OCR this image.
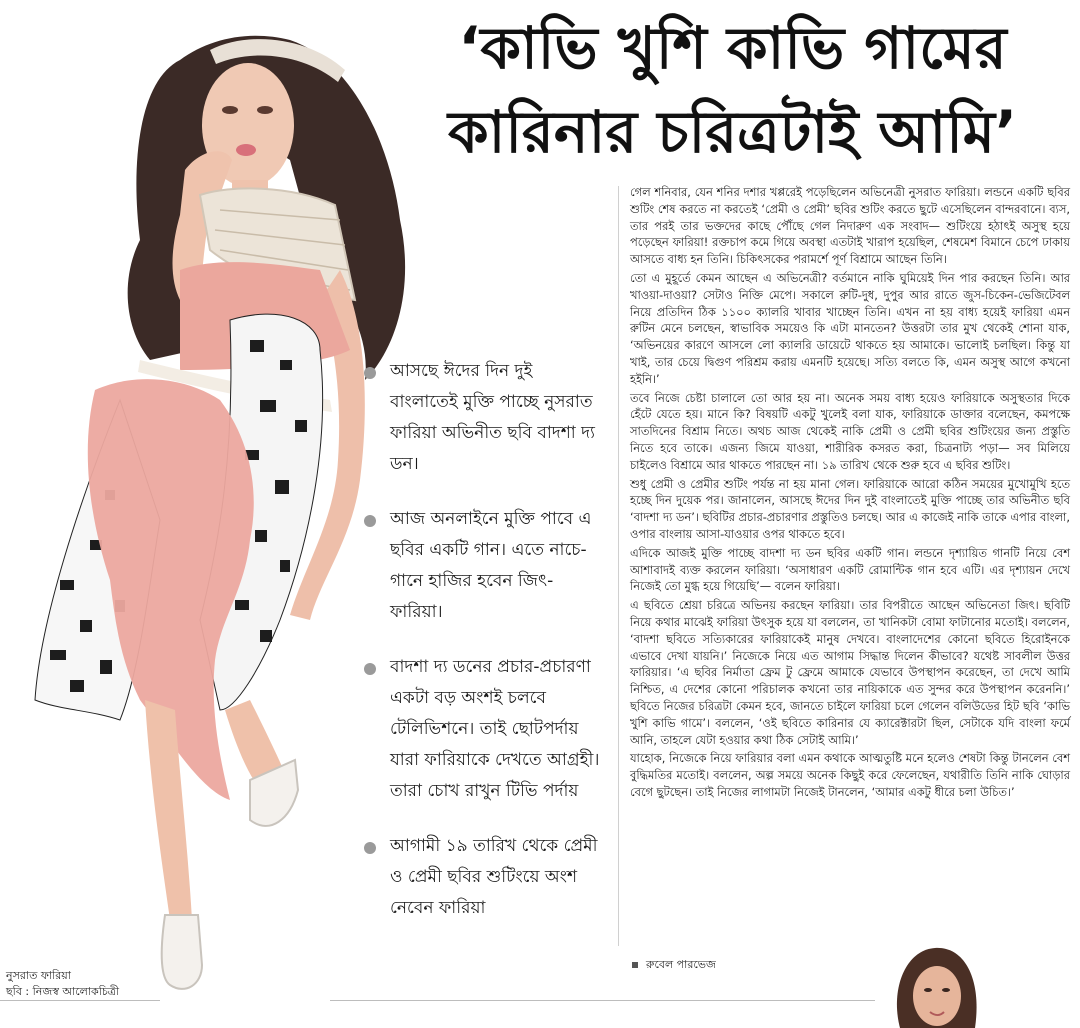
‘কাভি খুশি কাভি গামের
কারিনার চরিত্রটাই আমি’
নুসরাত ফারিয়া
ছবি : নিজস্ব আলোকচিত্রী
আসছে ঈদের দিন দুই বাংলাতেই মুক্তি পাচ্ছে নুসরাত ফারিয়া অভিনীত ছবি বাদশা দ্য ডন।
আজ অনলাইনে মুক্তি পাবে এ ছবির একটি গান। এতে নাচে-গানে হাজির হবেন জিৎ-ফারিয়া।
বাদশা দ্য ডনের প্রচার-প্রচারণা একটা বড় অংশই চলবে টেলিভিশনে। তাই ছোটপর্দায় যারা ফারিয়াকে দেখতে আগ্রহী। তারা চোখ রাখুন টিভি পর্দায়
আগামী ১৯ তারিখ থেকে প্রেমী ও প্রেমী ছবির শুটিংয়ে অংশ নেবেন ফারিয়া

গেল শনিবার, যেন শনির দশার খপ্পরেই পড়েছিলেন অভিনেত্রী নুসরাত ফারিয়া। লন্ডনে একটি ছবির শুটিং শেষ করতে না করতেই ‘প্রেমী ও প্রেমী’ ছবির শুটিং করতে ছুটে এসেছিলেন বান্দরবানে। ব্যস, তার পরই তার ভক্তদের কাছে পৌঁছে গেল নিদারুণ এক সংবাদ— শুটিংয়ে হঠাৎই অসুস্থ হয়ে পড়েছেন ফারিয়া! রক্তচাপ কমে গিয়ে অবস্থা এতটাই খারাপ হয়েছিল, শেষমেশ বিমানে চেপে ঢাকায় আসতে বাধ্য হন তিনি। চিকিৎসকের পরামর্শে পূর্ণ বিশ্রামে আছেন তিনি।

তো এ মুহূর্তে কেমন আছেন এ অভিনেত্রী? বর্তমানে নাকি ঘুমিয়েই দিন পার করছেন তিনি। আর খাওয়া-দাওয়া? সেটাও নিক্তি মেপে। সকালে রুটি-দুধ, দুপুর আর রাতে জুস-চিকেন-ভেজিটেবল নিয়ে প্রতিদিন ঠিক ১১০০ ক্যালরি খাবার খাচ্ছেন তিনি। এখন না হয় বাধ্য হয়েই ফারিয়া এমন রুটিন মেনে চলছেন, স্বাভাবিক সময়েও কি এটা মানতেন? উত্তরটা তার মুখ থেকেই শোনা যাক, ‘অভিনয়ের কারণে আসলে লো ক্যালরি ডায়েটে থাকতে হয় আমাকে। ভালোই চলছিল। কিন্তু যা খাই, তার চেয়ে দ্বিগুণ পরিশ্রম করায় এমনটি হয়েছে। সত্যি বলতে কি, এমন অসুস্থ আগে কখনো হইনি।’

তবে নিজে চেষ্টা চালালে তো আর হয় না। অনেক সময় বাধ্য হয়েও ফারিয়াকে অসুস্থতার দিকে হেঁটে যেতে হয়। মানে কি? বিষয়টি একটু খুলেই বলা যাক, ফারিয়াকে ডাক্তার বলেছেন, কমপক্ষে সাতদিনের বিশ্রাম নিতে। অথচ আজ থেকেই নাকি প্রেমী ও প্রেমী ছবির শুটিংয়ের জন্য প্রস্তুতি নিতে হবে তাকে। এজন্য জিমে যাওয়া, শারীরিক কসরত করা, চিত্রনাট্য পড়া— সব মিলিয়ে চাইলেও বিশ্রামে আর থাকতে পারছেন না। ১৯ তারিখ থেকে শুরু হবে এ ছবির শুটিং।

শুধু প্রেমী ও প্রেমীর শুটিং পর্যন্ত না হয় মানা গেল। ফারিয়াকে আরো কঠিন সময়ের মুখোমুখি হতে হচ্ছে দিন দুয়েক পর। জানালেন, আসছে ঈদের দিন দুই বাংলাতেই মুক্তি পাচ্ছে তার অভিনীত ছবি ‘বাদশা দ্য ডন’। ছবিটির প্রচার-প্রচারণার প্রস্তুতিও চলছে। আর এ কাজেই নাকি তাকে এপার বাংলা, ওপার বাংলায় আসা-যাওয়ার ওপর থাকতে হবে।

এদিকে আজই মুক্তি পাচ্ছে বাদশা দ্য ডন ছবির একটি গান। লন্ডনে দৃশ্যায়িত গানটি নিয়ে বেশ আশাবাদই ব্যক্ত করলেন ফারিয়া। ‘অসাধারণ একটি রোমান্টিক গান হবে এটি। এর দৃশ্যায়ন দেখে নিজেই তো মুগ্ধ হয়ে গিয়েছি’— বলেন ফারিয়া।

এ ছবিতে শ্রেয়া চরিত্রে অভিনয় করছেন ফারিয়া। তার বিপরীতে আছেন অভিনেতা জিৎ। ছবিটি নিয়ে কথার মাঝেই ফারিয়া উৎসুক হয়ে যা বললেন, তা খানিকটা বোমা ফাটানোর মতোই। বললেন, ‘বাদশা ছবিতে সত্যিকারের ফারিয়াকেই মানুষ দেখবে। বাংলাদেশের কোনো ছবিতে হিরোইনকে এভাবে দেখা যায়নি।’ নিজেকে নিয়ে এত আগাম সিদ্ধান্ত দিলেন কীভাবে? যথেষ্ট সাবলীল উত্তর ফারিয়ার। ‘এ ছবির নির্মাতা ফ্রেম টু ফ্রেমে আমাকে যেভাবে উপস্থাপন করেছেন, তা দেখে আমি নিশ্চিত, এ দেশের কোনো পরিচালক কখনো তার নায়িকাকে এত সুন্দর করে উপস্থাপন করেননি।’ ছবিতে নিজের চরিত্রটা কেমন হবে, জানতে চাইলে ফারিয়া চলে গেলেন বলিউডের হিট ছবি ‘কাভি খুশি কাভি গামে’। বললেন, ‘ওই ছবিতে কারিনার যে ক্যারেক্টারটা ছিল, সেটাকে যদি বাংলা ফর্মে আনি, তাহলে যেটা হওয়ার কথা ঠিক সেটাই আমি।’

যাহোক, নিজেকে নিয়ে ফারিয়ার বলা এমন কথাকে আত্মতুষ্টি মনে হলেও শেষটা কিন্তু টানলেন বেশ বুদ্ধিমতির মতোই। বললেন, অল্প সময়ে অনেক কিছুই করে ফেলেছেন, যথারীতি তিনি নাকি ঘোড়ার বেগে ছুটছেন। তাই নিজের লাগামটা নিজেই টানলেন, ‘আমার একটু ধীরে চলা উচিত।’

রুবেল পারভেজ
